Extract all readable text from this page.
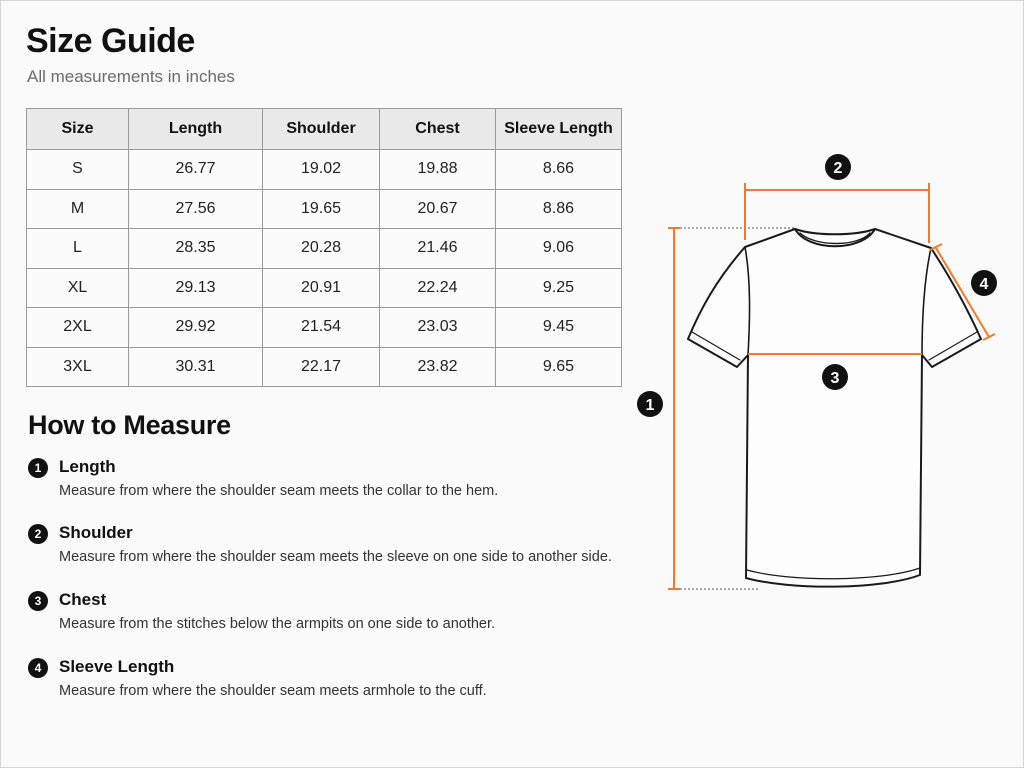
Size Guide
All measurements in inches
Size	Length	Shoulder	Chest	Sleeve Length
S	26.77	19.02	19.88	8.66
M	27.56	19.65	20.67	8.86
L	28.35	20.28	21.46	9.06
XL	29.13	20.91	22.24	9.25
2XL	29.92	21.54	23.03	9.45
3XL	30.31	22.17	23.82	9.65
How to Measure
1	Length
Measure from where the shoulder seam meets the collar to the hem.
2	Shoulder
Measure from where the shoulder seam meets the sleeve on one side to another side.
3	Chest
Measure from the stitches below the armpits on one side to another.
4	Sleeve Length
Measure from where the shoulder seam meets armhole to the cuff.
1
2
3
4
